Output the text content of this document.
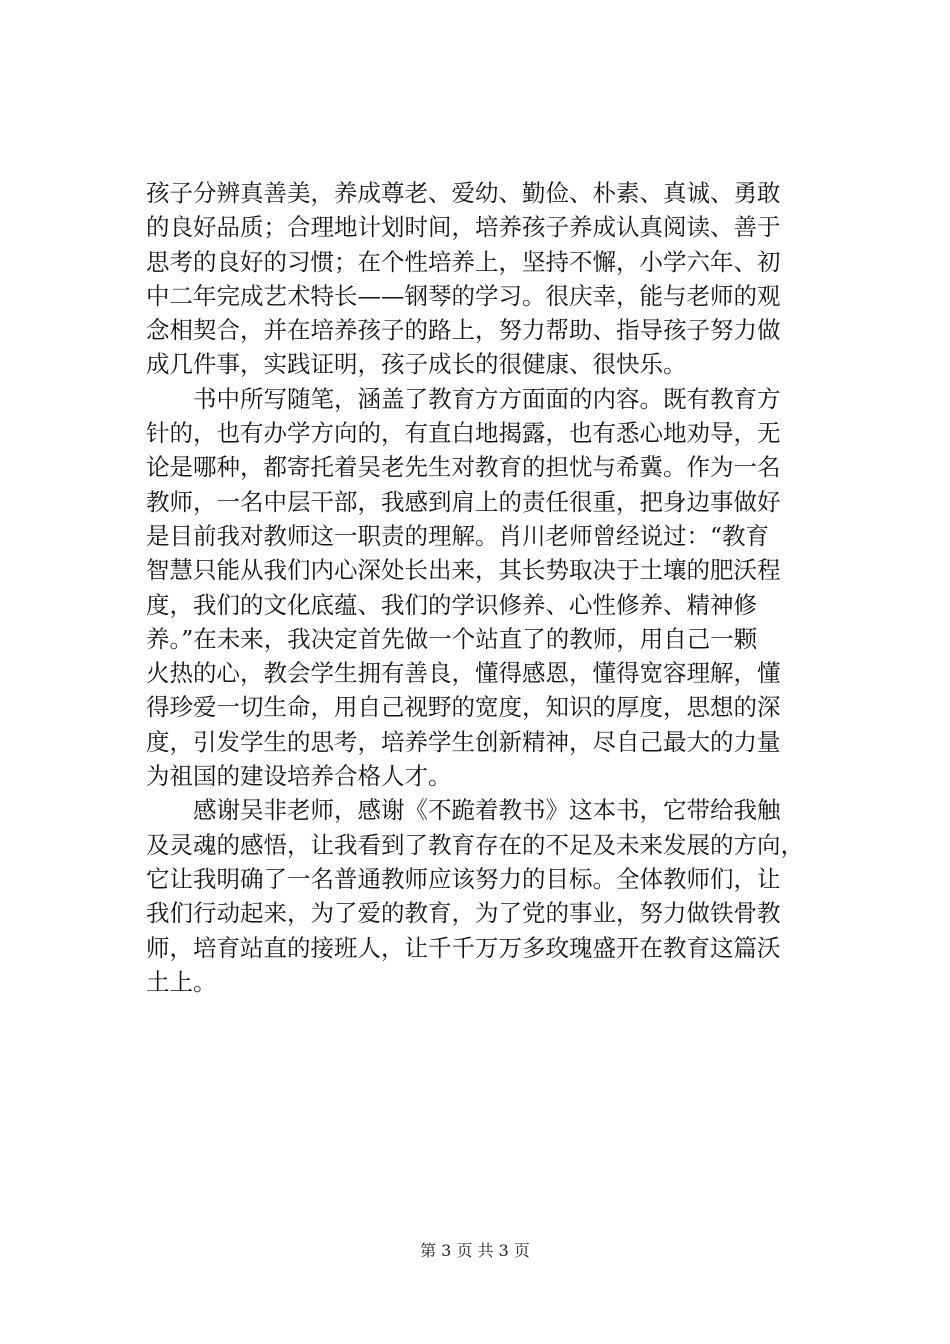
孩子分辨真善美，养成尊老、爱幼、勤俭、朴素、真诚、勇敢
的良好品质；合理地计划时间，培养孩子养成认真阅读、善于
思考的良好的习惯；在个性培养上，坚持不懈，小学六年、初
中二年完成艺术特长——钢琴的学习。很庆幸，能与老师的观
念相契合，并在培养孩子的路上，努力帮助、指导孩子努力做
成几件事，实践证明，孩子成长的很健康、很快乐。
书中所写随笔，涵盖了教育方方面面的内容。既有教育方
针的，也有办学方向的，有直白地揭露，也有悉心地劝导，无
论是哪种，都寄托着吴老先生对教育的担忧与希冀。作为一名
教师，一名中层干部，我感到肩上的责任很重，把身边事做好
是目前我对教师这一职责的理解。肖川老师曾经说过：“教育
智慧只能从我们内心深处长出来，其长势取决于土壤的肥沃程
度，我们的文化底蕴、我们的学识修养、心性修养、精神修
养。”在未来，我决定首先做一个站直了的教师，用自己一颗
火热的心，教会学生拥有善良，懂得感恩，懂得宽容理解，懂
得珍爱一切生命，用自己视野的宽度，知识的厚度，思想的深
度，引发学生的思考，培养学生创新精神，尽自己最大的力量
为祖国的建设培养合格人才。
感谢吴非老师，感谢《不跪着教书》这本书，它带给我触
及灵魂的感悟，让我看到了教育存在的不足及未来发展的方向，
它让我明确了一名普通教师应该努力的目标。全体教师们，让
我们行动起来，为了爱的教育，为了党的事业，努力做铁骨教
师，培育站直的接班人，让千千万万多玫瑰盛开在教育这篇沃
土上。
第 3 页 共 3 页
